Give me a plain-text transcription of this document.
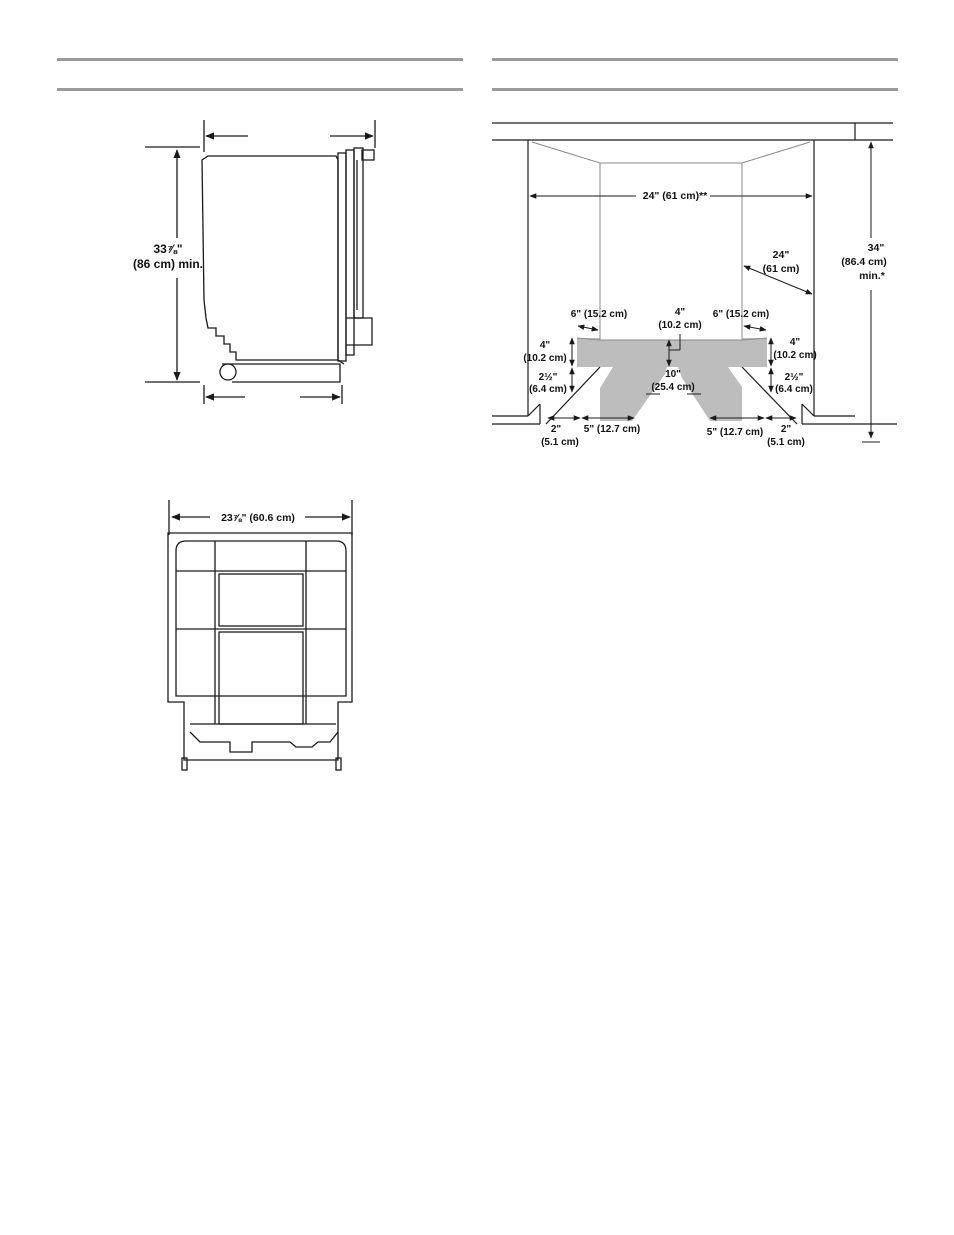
33⅞"
(86 cm) min.
23⅞" (60.6 cm)
24" (61 cm)**
24"
(61 cm)
34"
(86.4 cm)
min.*
6" (15.2 cm)	6" (15.2 cm)
4"
(10.2 cm)
4"
(10.2 cm)
4"
(10.2 cm)
2½"
(6.4 cm)
2½"
(6.4 cm)
10"
(25.4 cm)
2"
(5.1 cm)
5" (12.7 cm)	5" (12.7 cm) 2"
(5.1 cm)
